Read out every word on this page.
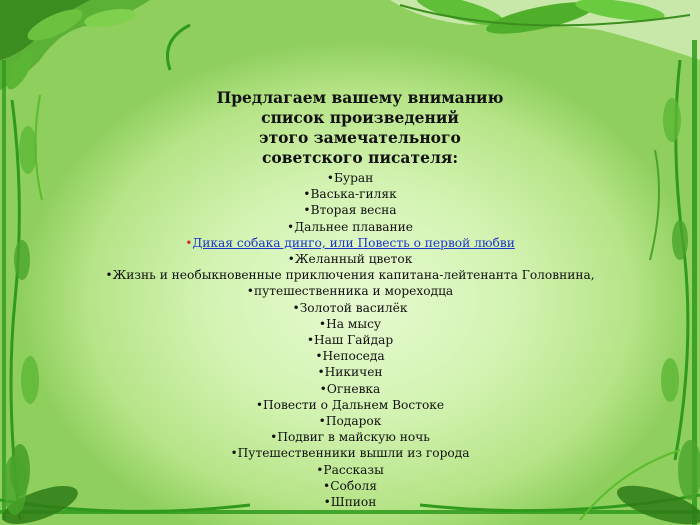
Предлагаем вашему вниманию
список произведений
этого замечательного
советского писателя:
•Буран
•Васька-гиляк
•Вторая весна
•Дальнее плавание
•Дикая собака динго, или Повесть о первой любви
•Желанный цветок
•Жизнь и необыкновенные приключения капитана-лейтенанта Головнина,
•путешественника и мореходца
•Золотой василёк
•На мысу
•Наш Гайдар
•Непоседа
•Никичен
•Огневка
•Повести о Дальнем Востоке
•Подарок
•Подвиг в майскую ночь
•Путешественники вышли из города
•Рассказы
•Соболя
•Шпион
